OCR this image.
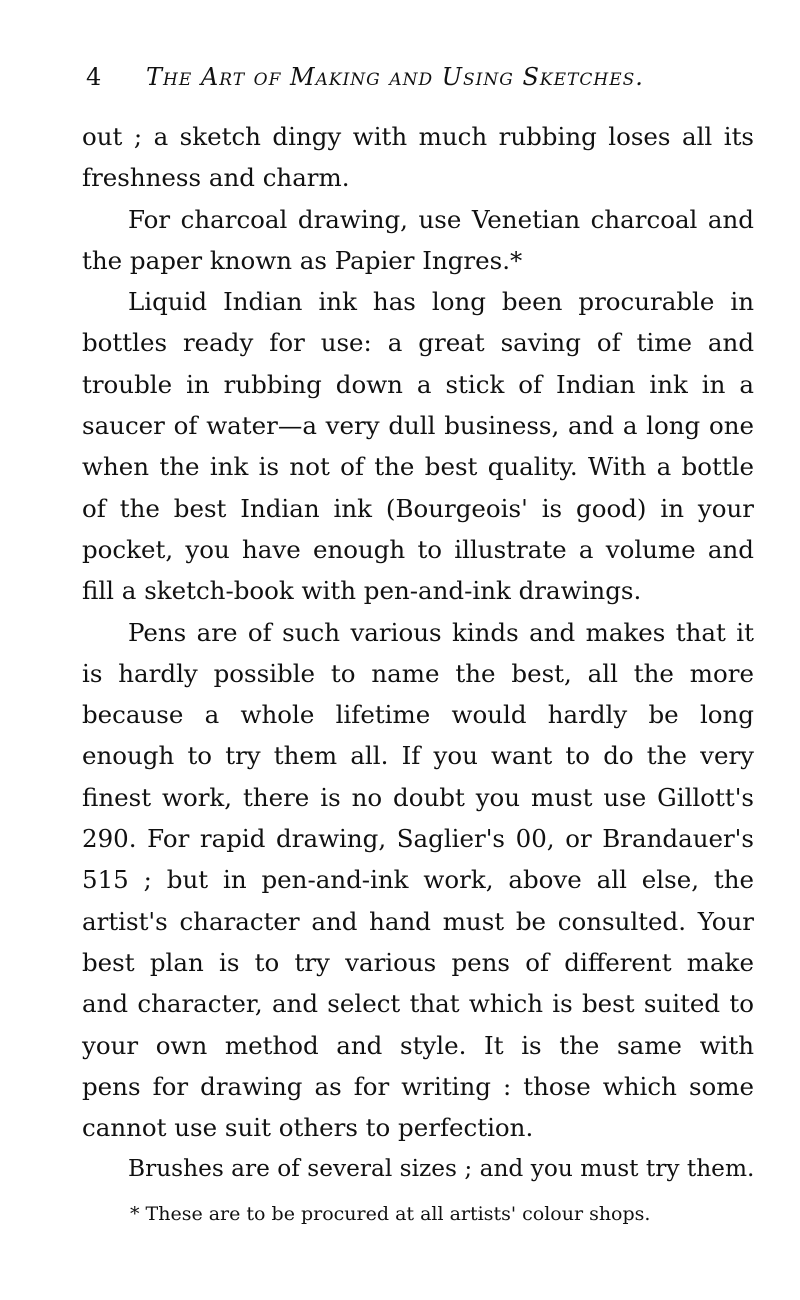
4 The Art of Making and Using Sketches.

out ; a sketch dingy with much rubbing loses all its
freshness and charm.

For charcoal drawing, use Venetian charcoal and
the paper known as Papier Ingres.*

Liquid Indian ink has long been procurable in
bottles ready for use: a great saving of time and
trouble in rubbing down a stick of Indian ink in a
saucer of water—a very dull business, and a long one
when the ink is not of the best quality. With a bottle
of the best Indian ink (Bourgeois' is good) in your
pocket, you have enough to illustrate a volume and
fill a sketch-book with pen-and-ink drawings.

Pens are of such various kinds and makes that it
is hardly possible to name the best, all the more
because a whole lifetime would hardly be long
enough to try them all. If you want to do the very
finest work, there is no doubt you must use Gillott's
290. For rapid drawing, Saglier's 00, or Brandauer's
515 ; but in pen-and-ink work, above all else, the
artist's character and hand must be consulted. Your
best plan is to try various pens of different make
and character, and select that which is best suited to
your own method and style. It is the same with
pens for drawing as for writing : those which some
cannot use suit others to perfection.

Brushes are of several sizes ; and you must try them.

* These are to be procured at all artists' colour shops.
